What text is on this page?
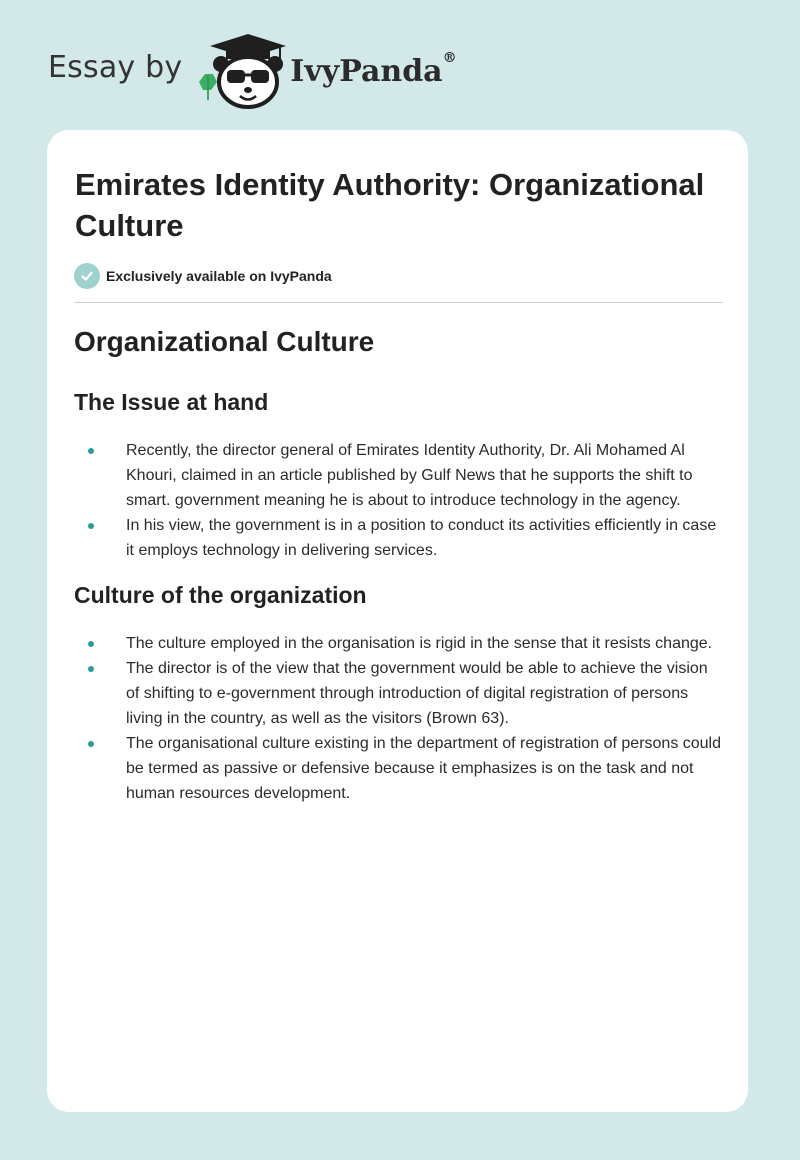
Essay by	IvyPanda®
Emirates Identity Authority: Organizational Culture
Exclusively available on IvyPanda
Organizational Culture
The Issue at hand
Recently, the director general of Emirates Identity Authority, Dr. Ali Mohamed Al Khouri, claimed in an article published by Gulf News that he supports the shift to smart. government meaning he is about to introduce technology in the agency.
In his view, the government is in a position to conduct its activities efficiently in case it employs technology in delivering services.
Culture of the organization
The culture employed in the organisation is rigid in the sense that it resists change.
The director is of the view that the government would be able to achieve the vision of shifting to e-government through introduction of digital registration of persons living in the country, as well as the visitors (Brown 63).
The organisational culture existing in the department of registration of persons could be termed as passive or defensive because it emphasizes is on the task and not human resources development.
